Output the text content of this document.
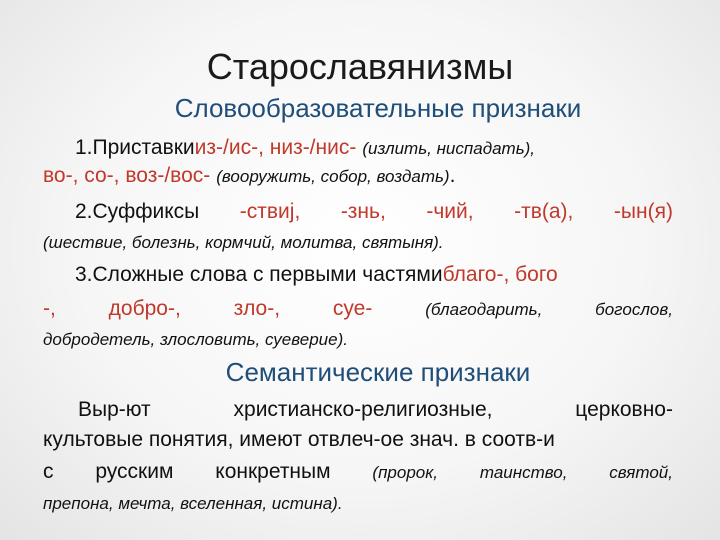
Старославянизмы
Словообразовательные признаки
1.Приставки из-/ис-, низ-/нис- (излить, ниспадать),
во-, со-, воз-/вос- (вооружить, собор, воздать) .
2.Суффиксы -ствиј, -знь, -чий, -тв(а), -ын(я)
(шествие, болезнь, кормчий, молитва, святыня).
3.Сложные слова с первыми частями благо-, бого
-,	добро-,	зло-,	суе-	(благодарить,	богослов,
добродетель, злословить, суеверие).
Семантические признаки
Выр-ют	христианско-религиозные,	церковно-
культовые понятия, имеют отвлеч-ое знач. в соотв-и
с русским конкретным (пророк, таинство, святой,
препона, мечта, вселенная, истина).
